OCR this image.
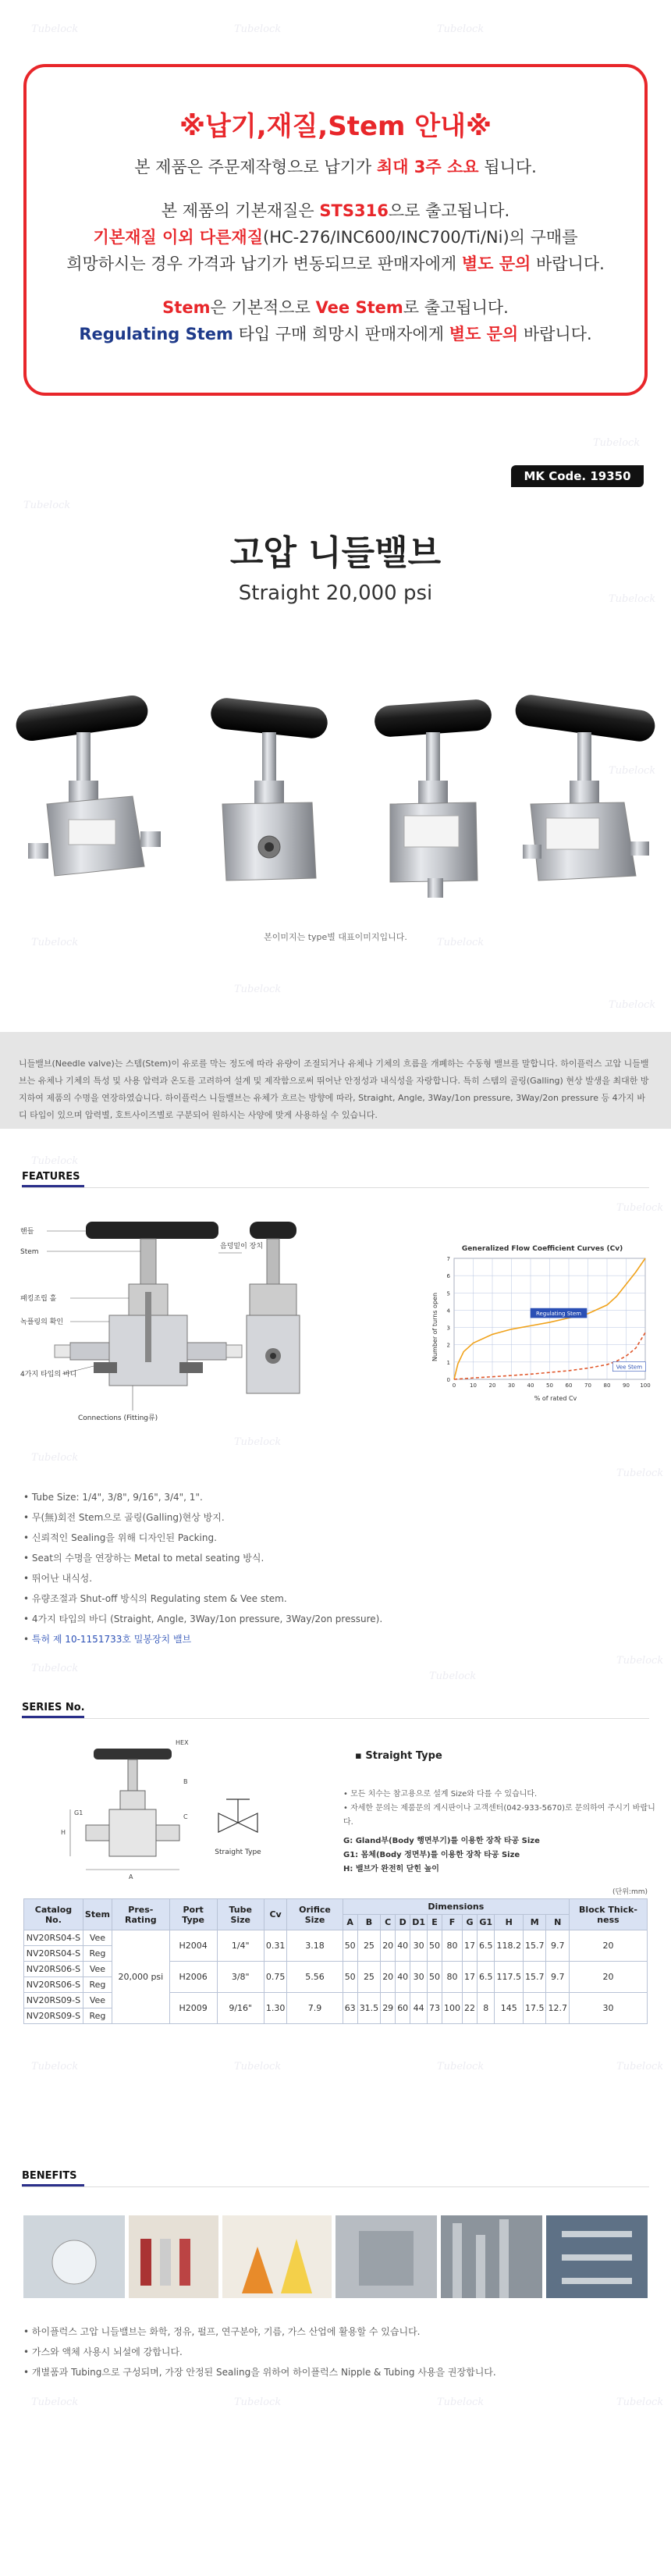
Tubelock	Tubelock	Tubelock
Tubelock
Tubelock
Tubelock
Tubelock
Tubelock
Tubelock
Tubelock
Tubelock
Tubelock
Tubelock
Tubelock
Tubelock
Tubelock
Tubelock
Tubelock
Tubelock
Tubelock	Tubelock	Tubelock	Tubelock
Tubelock	Tubelock	Tubelock	Tubelock
※납기,재질,Stem 안내※

본 제품은 주문제작형으로 납기가 최대 3주 소요 됩니다.

본 제품의 기본재질은 STS316으로 출고됩니다.

기본재질 이외 다른재질(HC-276/INC600/INC700/Ti/Ni)의 구매를

희망하시는 경우 가격과 납기가 변동되므로 판매자에게 별도 문의 바랍니다.

Stem은 기본적으로 Vee Stem로 출고됩니다.

Regulating Stem 타입 구매 희망시 판매자에게 별도 문의 바랍니다.

MK Code. 19350
고압 니들밸브
Straight 20,000 psi
본이미지는 type별 대표이미지입니다.
니들밸브(Needle valve)는 스템(Stem)이 유로를 막는 정도에 따라 유량이 조절되거나 유체나 기체의 흐름을 개폐하는 수동형 밸브를 말합니다. 하이플럭스 고압 니들밸브는 유체나 기체의 특성 및 사용 압력과 온도를 고려하여 설계 및 제작함으로써 뛰어난 안정성과 내식성을 자랑합니다. 특히 스템의 골링(Galling) 현상 발생을 최대한 방지하여 제품의 수명을 연장하였습니다. 하이플럭스 니들밸브는 유체가 흐르는 방향에 따라, Straight, Angle, 3Way/1on pressure, 3Way/2on pressure 등 4가지 바디 타입이 있으며 압력별, 호트사이즈별로 구분되어 원하시는 사양에 맞게 사용하실 수 있습니다.
FEATURES
핸들
Stem
패킹조립 홀
녹플링의 확인
4가지 타입의 바디
Connections (Fitting류)
음덩밑이 장치	Generalized Flow Coefficient Curves (Cv)
Number of turns open
% of rated Cv
0	10 20 30 40 50 60 70 80 90 100
0
1
2
3
4
5
6
7
Regulating Stem
Vee Stem
• Tube Size: 1/4", 3/8", 9/16", 3/4", 1".
• 무(無)회전 Stem으로 골링(Galling)현상 방지.
• 신뢰적인 Sealing을 위해 디자인된 Packing.
• Seat의 수명을 연장하는 Metal to metal seating 방식.
• 뛰어난 내식성.
• 유량조절과 Shut-off 방식의 Regulating stem & Vee stem.
• 4가지 타입의 바디 (Straight, Angle, 3Way/1on pressure, 3Way/2on pressure).
• 특허 제 10-1151733호 밀봉장치 밸브
SERIES No.
A
H
B
G1
C
HEX
Straight Type
▪ Straight Type
• 모든 치수는 참고용으로 설계 Size와 다를 수 있습니다.
• 자세한 문의는 제품문의 게시판이나 고객센터(042-933-5670)로 문의하여 주시기 바랍니다.
G: Gland부(Body 행면부기)를 이용한 장착 타공 Size
G1: 몸체(Body 정면부)를 이용한 장착 타공 Size
H: 밸브가 완전히 닫힌 높이
(단위:mm)
Catalog No.	Stem	Pres-Rating	Port Type	Tube Size	Cv	Orifice Size	Dimensions												Block Thick-ness
							A	B	C	D	D1	E	F	G	G1	H	M	N	
NV20RS04-S	Vee	20,000 psi	H2004	1/4"	0.31	3.18	50	25	20	40	30	50	80	17	6.5	118.2	15.7	9.7	20
NV20RS04-S	Reg																		
NV20RS06-S	Vee		H2006	3/8"	0.75	5.56	50	25	20	40	30	50	80	17	6.5	117.5	15.7	9.7	20
NV20RS06-S	Reg																		
NV20RS09-S	Vee		H2009	9/16"	1.30	7.9	63	31.5	29	60	44	73	100	22	8	145	17.5	12.7	30
NV20RS09-S	Reg																		
BENEFITS
• 하이플럭스 고압 니들밸브는 화학, 정유, 펄프, 연구분야, 기름, 가스 산업에 활용할 수 있습니다.
• 가스와 액체 사용시 뇌설에 강합니다.
• 개별품과 Tubing으로 구성되며, 가장 안정된 Sealing을 위하여 하이플럭스 Nipple & Tubing 사용을 권장합니다.
